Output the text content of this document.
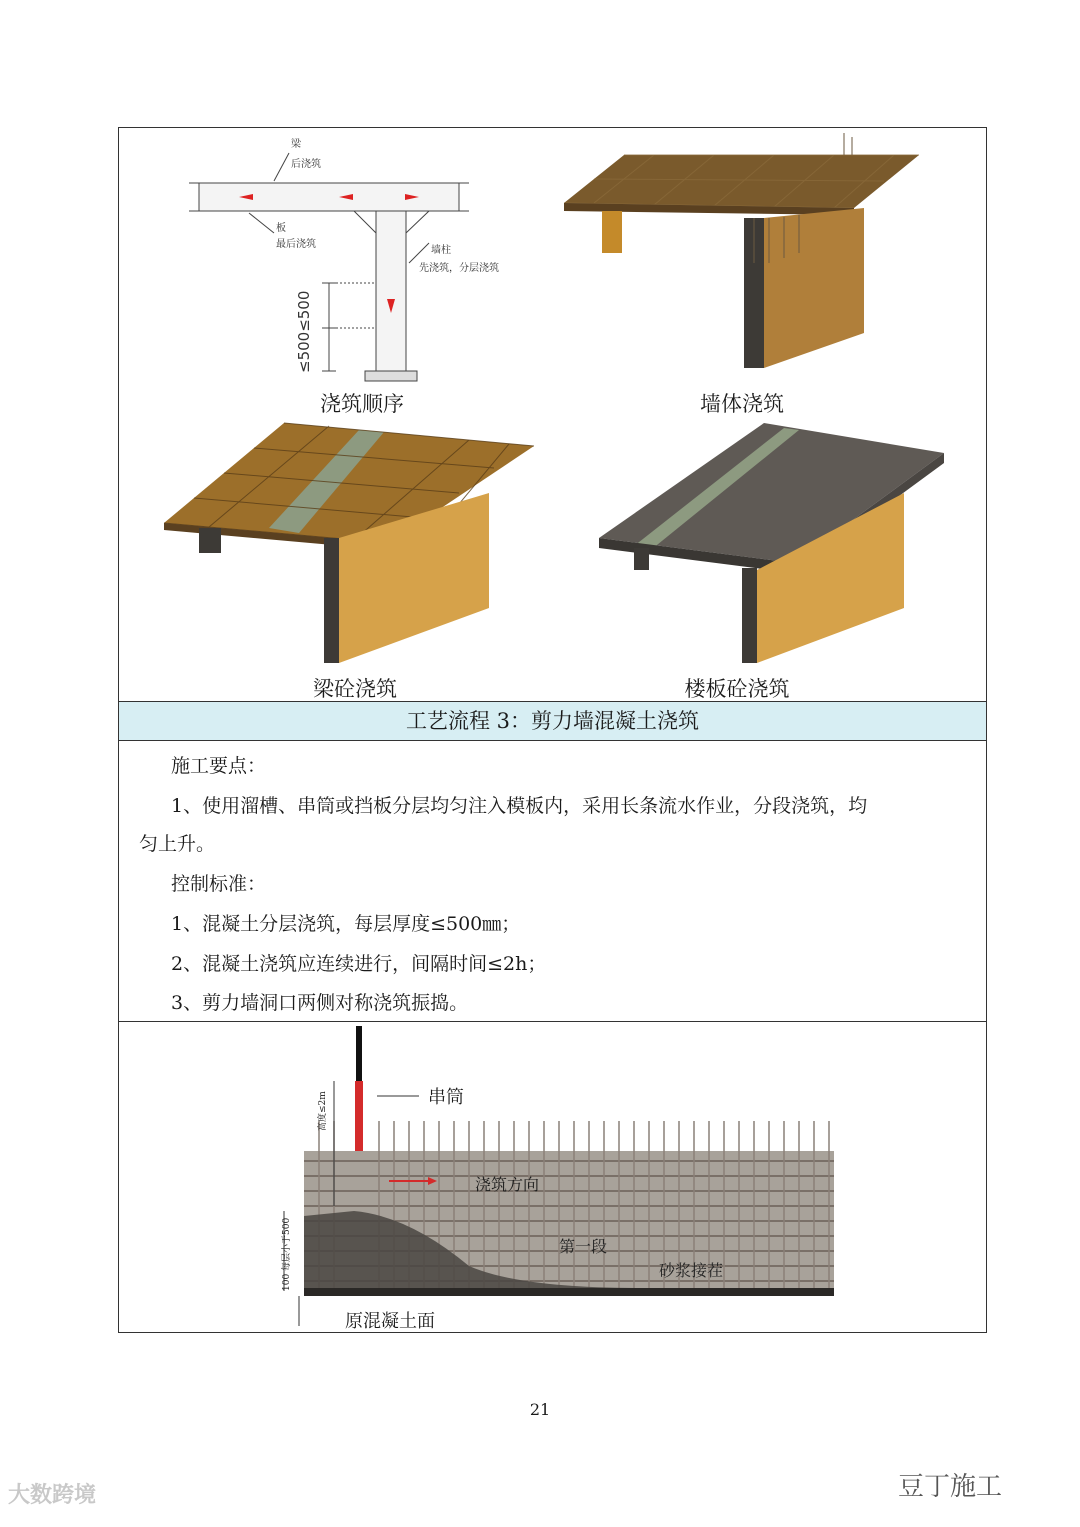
梁
后浇筑
板
最后浇筑
墙柱
先浇筑，分层浇筑
≤500≤500
浇筑顺序	墙体浇筑
梁砼浇筑	楼板砼浇筑
工艺流程 3：剪力墙混凝土浇筑
施工要点：
1、使用溜槽、串筒或挡板分层均匀注入模板内，采用长条流水作业，分段浇筑，均
匀上升。
控制标准：
1、混凝土分层浇筑，每层厚度≤500㎜；
2、混凝土浇筑应连续进行，间隔时间≤2h；
3、剪力墙洞口两侧对称浇筑振捣。
串筒
浇筑方向
第一段
砂浆接茬
原混凝土面
高度≤2m
100 每层小于500
21
大数跨境	豆丁施工
